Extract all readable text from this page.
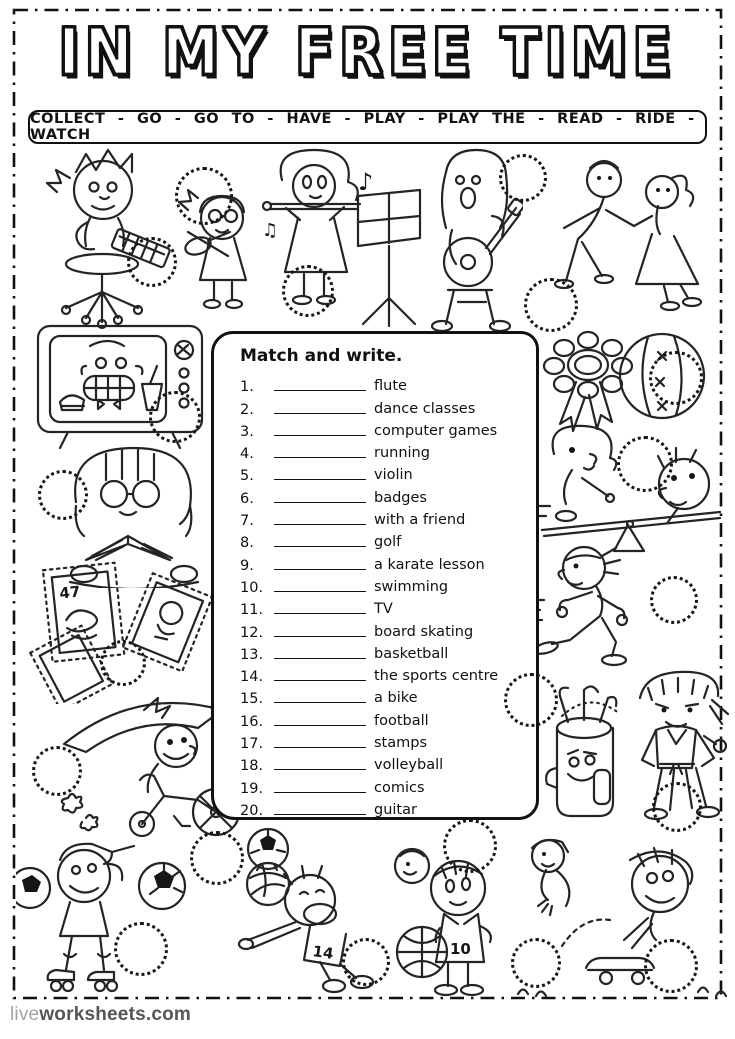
IN MY FREE TIME
COLLECT - GO - GO TO - HAVE - PLAY - PLAY THE - READ - RIDE - WATCH
47
14	10
♪
♫
Match and write.
1.	flute
2.	dance classes
3.	computer games
4.	running
5.	violin
6.	badges
7.	with a friend
8.	golf
9.	a karate lesson
10.	swimming
11.	TV
12.	board skating
13.	basketball
14.	the sports centre
15.	a bike
16.	football
17.	stamps
18.	volleyball
19.	comics
20.	guitar
liveworksheets.com
